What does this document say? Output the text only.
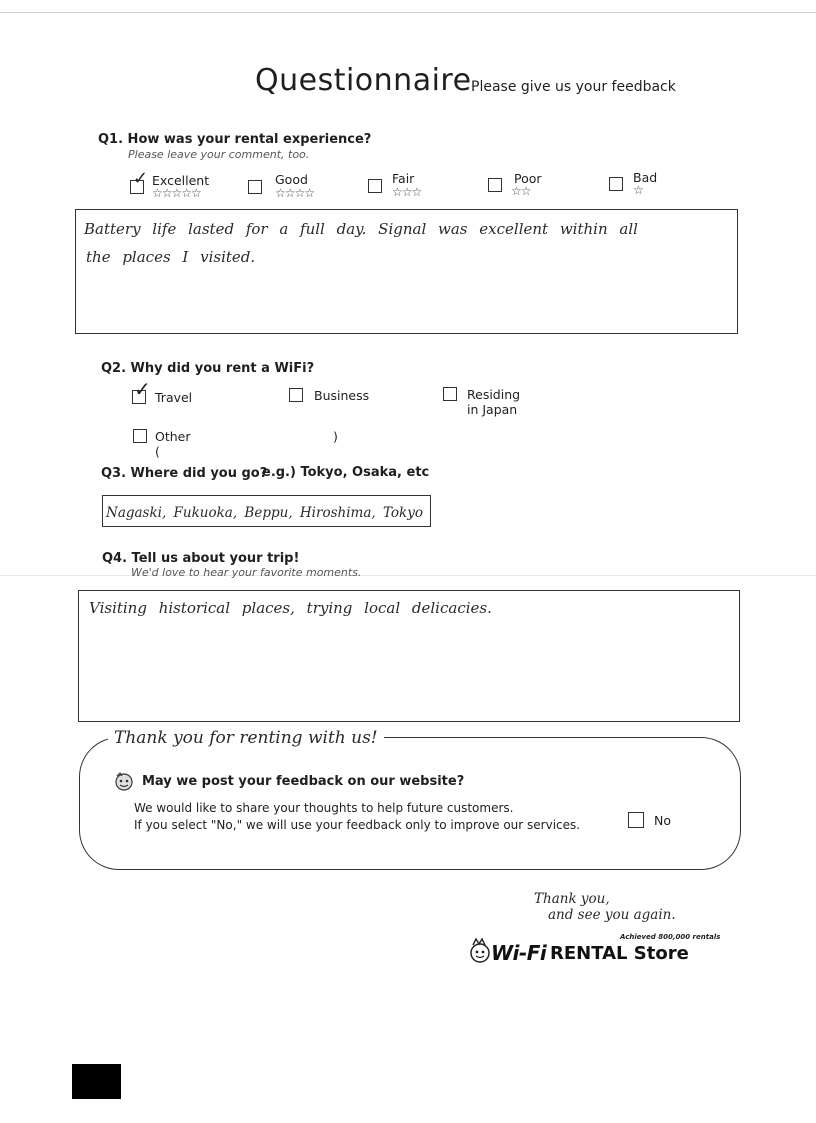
Questionnaire Please give us your feedback
Q1. How was your rental experience?
Please leave your comment, too.
✓ Excellent
☆☆☆☆☆
Good
☆☆☆☆
Fair
☆☆☆
Poor
☆☆
Bad
☆
Battery life lasted for a full day. Signal was excellent within all
the places I visited.
Q2. Why did you rent a WiFi?
✓ Travel	Business	Residing in Japan
Other (
)
Q3. Where did you go?
e.g.) Tokyo, Osaka, etc
Nagaski, Fukuoka, Beppu, Hiroshima, Tokyo
Q4. Tell us about your trip!
We'd love to hear your favorite moments.
Visiting historical places, trying local delicacies.
Thank you for renting with us!
May we post your feedback on our website?
We would like to share your thoughts to help future customers.
If you select "No," we will use your feedback only to improve our services.	No
Thank you,
and see you again.
Achieved 800,000 rentals
Wi-Fi RENTAL Store
